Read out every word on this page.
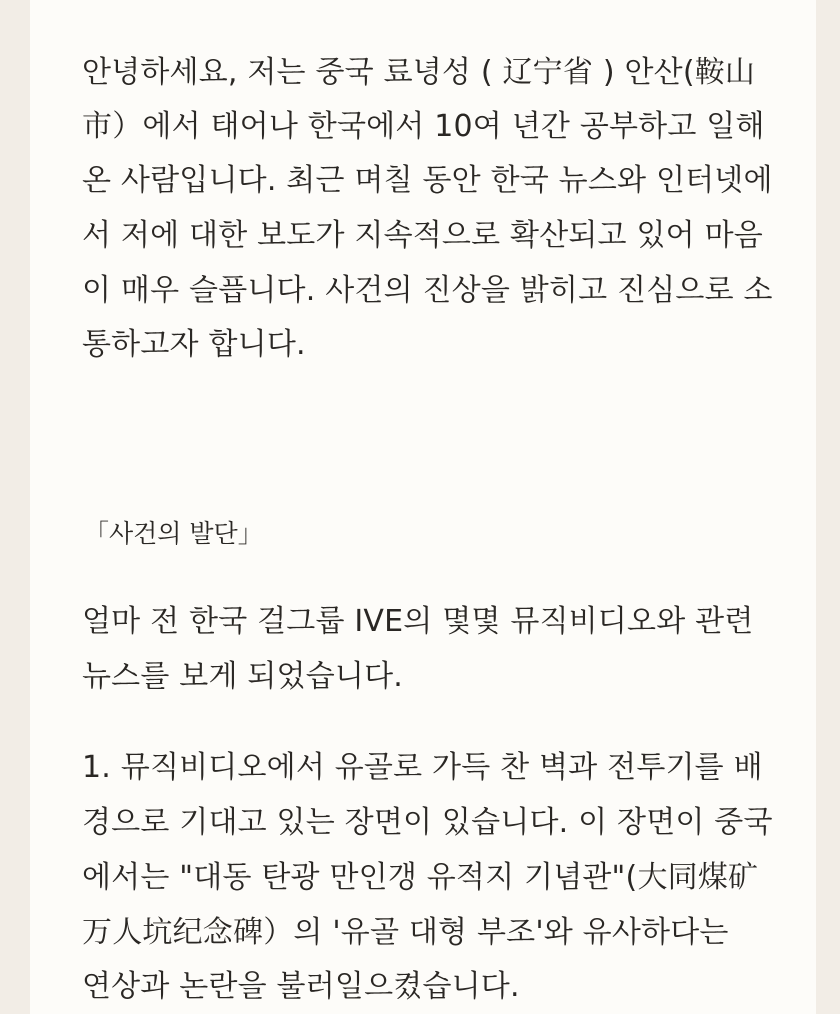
안녕하세요, 저는 중국 료녕성 ( 辽宁省 ) 안산(鞍山
市）에서 태어나 한국에서 10여 년간 공부하고 일해
온 사람입니다. 최근 며칠 동안 한국 뉴스와 인터넷에
서 저에 대한 보도가 지속적으로 확산되고 있어 마음
이 매우 슬픕니다. 사건의 진상을 밝히고 진심으로 소
통하고자 합니다.
「사건의 발단」
얼마 전 한국 걸그룹 IVE의 몇몇 뮤직비디오와 관련
뉴스를 보게 되었습니다.
1. 뮤직비디오에서 유골로 가득 찬 벽과 전투기를 배
경으로 기대고 있는 장면이 있습니다. 이 장면이 중국
에서는 "대동 탄광 만인갱 유적지 기념관"(大同煤矿
万人坑纪念碑）의 '유골 대형 부조'와 유사하다는
연상과 논란을 불러일으켰습니다.
